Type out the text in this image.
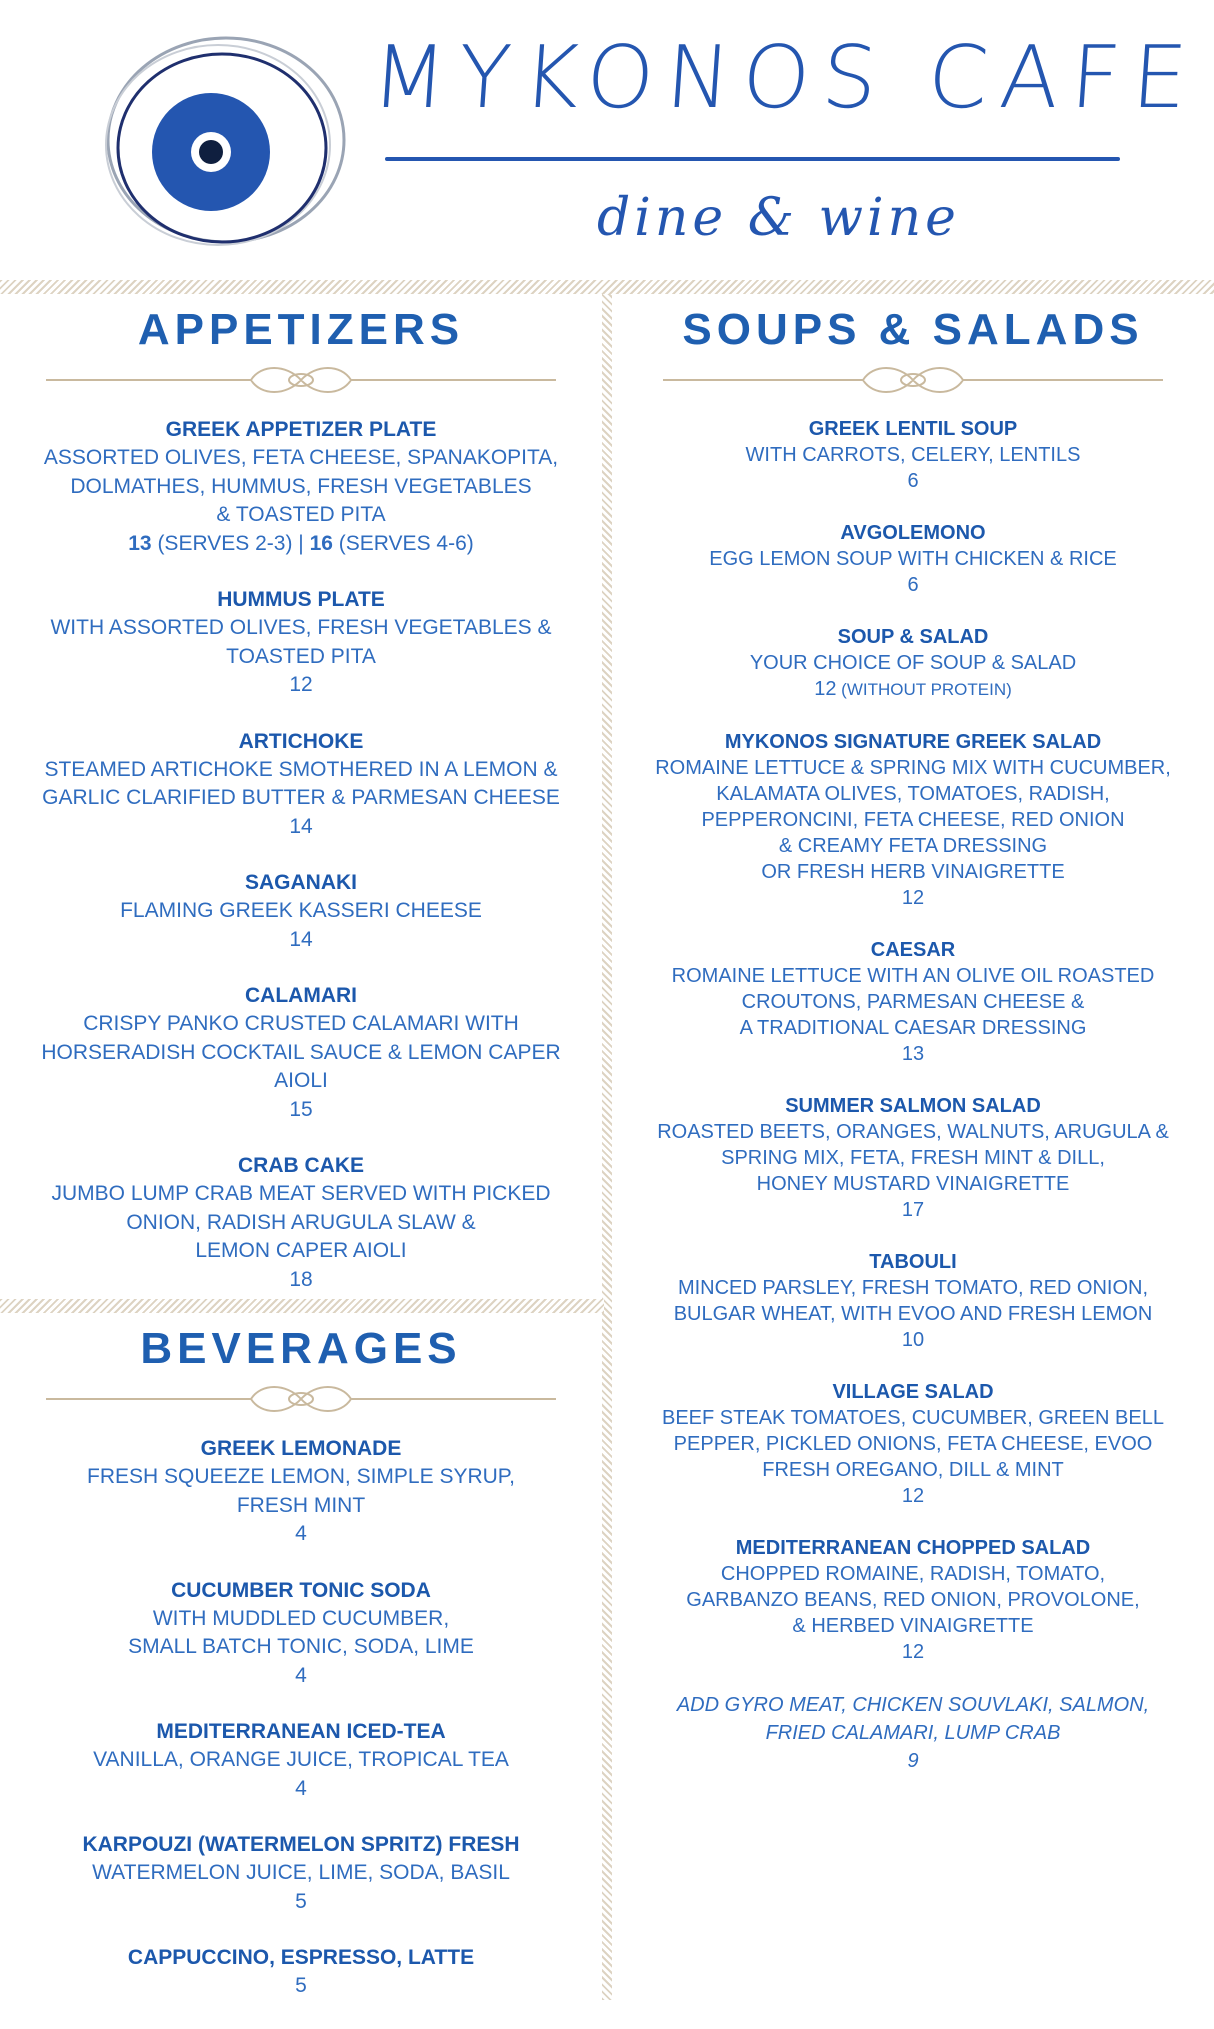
MYKONOS CAFE
dine & wine
APPETIZERS
GREEK APPETIZER PLATE
ASSORTED OLIVES, FETA CHEESE, SPANAKOPITA,
DOLMATHES, HUMMUS, FRESH VEGETABLES
& TOASTED PITA
13 (SERVES 2-3) | 16 (SERVES 4-6)
HUMMUS PLATE
WITH ASSORTED OLIVES, FRESH VEGETABLES &
TOASTED PITA
12
ARTICHOKE
STEAMED ARTICHOKE SMOTHERED IN A LEMON &
GARLIC CLARIFIED BUTTER & PARMESAN CHEESE
14
SAGANAKI
FLAMING GREEK KASSERI CHEESE
14
CALAMARI
CRISPY PANKO CRUSTED CALAMARI WITH
HORSERADISH COCKTAIL SAUCE & LEMON CAPER
AIOLI
15
CRAB CAKE
JUMBO LUMP CRAB MEAT SERVED WITH PICKED
ONION, RADISH ARUGULA SLAW &
LEMON CAPER AIOLI
18
BEVERAGES
GREEK LEMONADE
FRESH SQUEEZE LEMON, SIMPLE SYRUP,
FRESH MINT
4
CUCUMBER TONIC SODA
WITH MUDDLED CUCUMBER,
SMALL BATCH TONIC, SODA, LIME
4
MEDITERRANEAN ICED-TEA
VANILLA, ORANGE JUICE, TROPICAL TEA
4
KARPOUZI (WATERMELON SPRITZ) FRESH
WATERMELON JUICE, LIME, SODA, BASIL
5
CAPPUCCINO, ESPRESSO, LATTE
5
SOUPS & SALADS
GREEK LENTIL SOUP
WITH CARROTS, CELERY, LENTILS
6
AVGOLEMONO
EGG LEMON SOUP WITH CHICKEN & RICE
6
SOUP & SALAD
YOUR CHOICE OF SOUP & SALAD
12 (WITHOUT PROTEIN)
MYKONOS SIGNATURE GREEK SALAD
ROMAINE LETTUCE & SPRING MIX WITH CUCUMBER,
KALAMATA OLIVES, TOMATOES, RADISH,
PEPPERONCINI, FETA CHEESE, RED ONION
& CREAMY FETA DRESSING
OR FRESH HERB VINAIGRETTE
12
CAESAR
ROMAINE LETTUCE WITH AN OLIVE OIL ROASTED
CROUTONS, PARMESAN CHEESE &
A TRADITIONAL CAESAR DRESSING
13
SUMMER SALMON SALAD
ROASTED BEETS, ORANGES, WALNUTS, ARUGULA &
SPRING MIX, FETA, FRESH MINT & DILL,
HONEY MUSTARD VINAIGRETTE
17
TABOULI
MINCED PARSLEY, FRESH TOMATO, RED ONION,
BULGAR WHEAT, WITH EVOO AND FRESH LEMON
10
VILLAGE SALAD
BEEF STEAK TOMATOES, CUCUMBER, GREEN BELL
PEPPER, PICKLED ONIONS, FETA CHEESE, EVOO
FRESH OREGANO, DILL & MINT
12
MEDITERRANEAN CHOPPED SALAD
CHOPPED ROMAINE, RADISH, TOMATO,
GARBANZO BEANS, RED ONION, PROVOLONE,
& HERBED VINAIGRETTE
12
ADD GYRO MEAT, CHICKEN SOUVLAKI, SALMON,
FRIED CALAMARI, LUMP CRAB
9
